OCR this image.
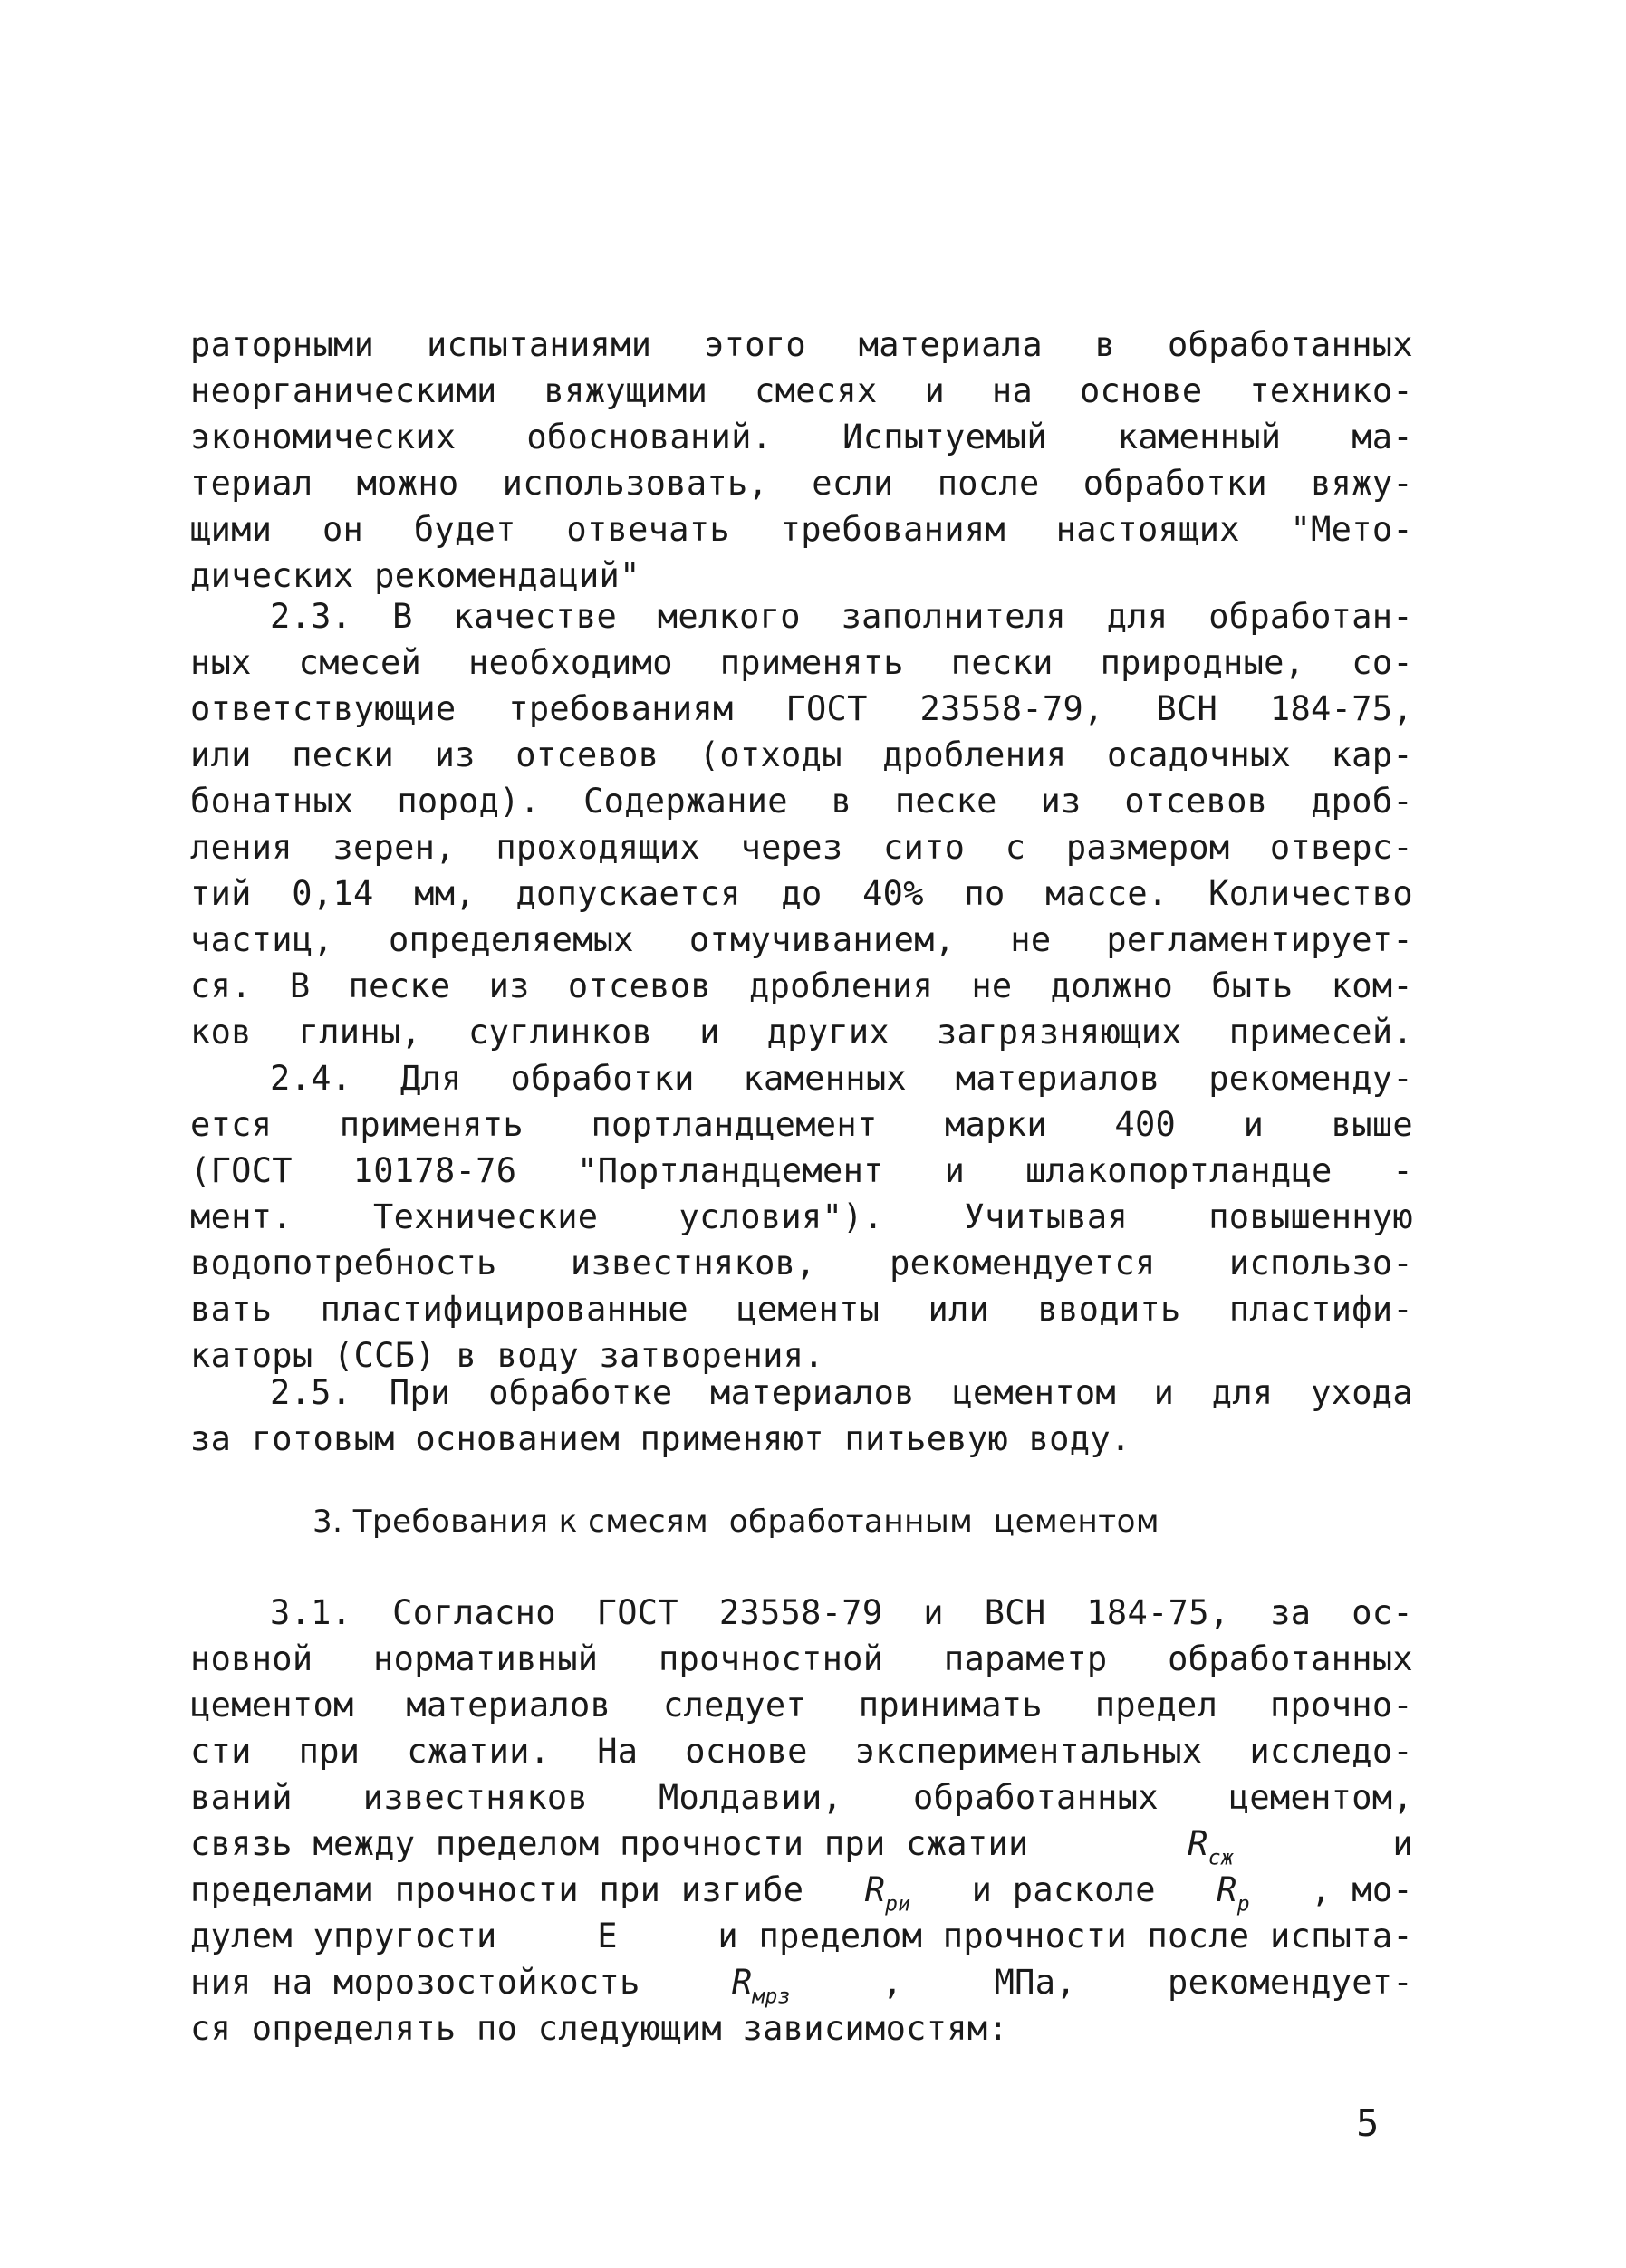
раторными испытаниями этого материала в обработанных
неорганическими вяжущими смесях и на основе технико-
экономических обоснований. Испытуемый каменный ма-
териал можно использовать, если после обработки вяжу-
щими он будет отвечать требованиям настоящих "Мето-
дических рекомендаций"
2.3. В качестве мелкого заполнителя для обработан-
ных смесей необходимо применять пески природные, со-
ответствующие требованиям ГОСТ 23558-79, ВСН 184-75,
или пески из отсевов (отходы дробления осадочных кар-
бонатных пород). Содержание в песке из отсевов дроб-
ления зерен, проходящих через сито с размером отверс-
тий 0,14 мм, допускается до 40% по массе. Количество
частиц, определяемых отмучиванием, не регламентирует-
ся. В песке из отсевов дробления не должно быть ком-
ков глины, суглинков и других загрязняющих примесей.
2.4. Для обработки каменных материалов рекоменду-
ется применять портландцемент марки 400 и выше
(ГОСТ 10178-76 "Портландцемент и шлакопортландце -
мент. Технические условия"). Учитывая повышенную
водопотребность известняков, рекомендуется использо-
вать пластифицированные цементы или вводить пластифи-
каторы (ССБ) в воду затворения.
2.5. При обработке материалов цементом и для ухода
за готовым основанием применяют питьевую воду.
3. Требования к смесям  обработанным  цементом
3.1. Согласно ГОСТ 23558-79 и ВСН 184-75, за ос-
новной нормативный прочностной параметр обработанных
цементом материалов следует принимать предел прочно-
сти при сжатии. На основе экспериментальных исследо-
ваний известняков Молдавии, обработанных цементом,
связь между пределом прочности при сжатии	$R_{сж}$	и
пределами прочности при изгибе $R_{ри}$ и расколе $R_р$ , мо-
дулем упругости	E	и пределом прочности после испыта-
ния на морозостойкость	$R_{мрз}$	,	МПа,	рекомендует-
ся определять по следующим зависимостям:
5
